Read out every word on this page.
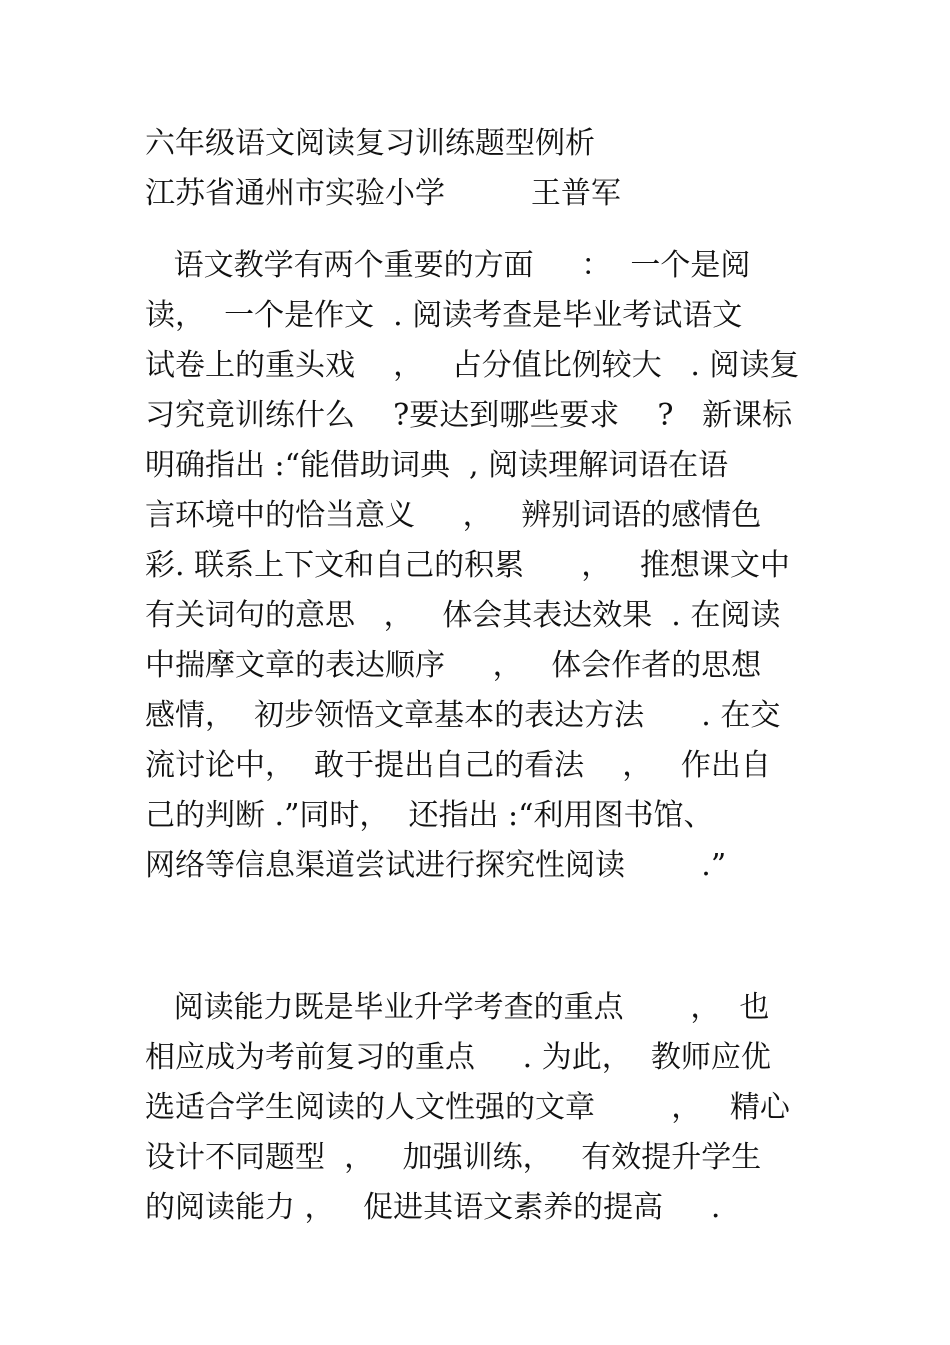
六年级语文阅读复习训练题型例析
江苏省通州市实验小学         王普军
语文教学有两个重要的方面     ：  一个是阅
读，  一个是作文  . 阅读考查是毕业考试语文
试卷上的重头戏    ，   占分值比例较大   . 阅读复
习究竟训练什么    ?要达到哪些要求    ?   新课标
明确指出 :“能借助词典  , 阅读理解词语在语
言环境中的恰当意义     ，   辨别词语的感情色
彩. 联系上下文和自己的积累      ，   推想课文中
有关词句的意思   ，   体会其表达效果  . 在阅读
中揣摩文章的表达顺序     ，   体会作者的思想
感情，  初步领悟文章基本的表达方法      . 在交
流讨论中，  敢于提出自己的看法    ，   作出自
己的判断 .”同时，  还指出 :“利用图书馆、
网络等信息渠道尝试进行探究性阅读        .”
阅读能力既是毕业升学考查的重点       ，  也
相应成为考前复习的重点     . 为此，  教师应优
选适合学生阅读的人文性强的文章        ，   精心
设计不同题型  ，   加强训练，   有效提升学生
的阅读能力 ，   促进其语文素养的提高     .
